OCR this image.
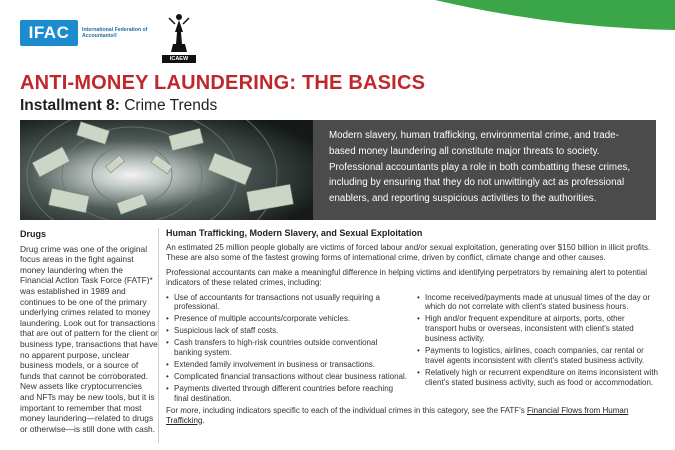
IFAC	International Federation of Accountants®
ICAEW
ANTI-MONEY LAUNDERING: THE BASICS
Installment 8: Crime Trends
Modern slavery, human trafficking, environmental crime, and trade-based money laundering all constitute major threats to society. Professional accountants play a role in both combatting these crimes, including by ensuring that they do not unwittingly act as professional enablers, and reporting suspicious activities to the authorities.
Drugs

Drug crime was one of the original focus areas in the fight against money laundering when the Financial Action Task Force (FATF)* was established in 1989 and continues to be one of the primary underlying crimes related to money laundering. Look out for transactions that are out of pattern for the client or business type, transactions that have no apparent purpose, unclear business models, or a source of funds that cannot be corroborated. New assets like cryptocurrencies and NFTs may be new tools, but it is important to remember that most money laundering—related to drugs or otherwise—is still done with cash.

Human Trafficking, Modern Slavery, and Sexual Exploitation

An estimated 25 million people globally are victims of forced labour and/or sexual exploitation, generating over $150 billion in illicit profits. These are also some of the fastest growing forms of international crime, driven by conflict, climate change and other causes.

Professional accountants can make a meaningful difference in helping victims and identifying perpetrators by remaining alert to potential indicators of these related crimes, including:

• Use of accountants for transactions not usually requiring a professional.
• Presence of multiple accounts/corporate vehicles.
• Suspicious lack of staff costs.
• Cash transfers to high-risk countries outside conventional banking system.
• Extended family involvement in business or transactions.
• Complicated financial transactions without clear business rational.
• Payments diverted through different countries before reaching final destination.
• Income received/payments made at unusual times of the day or which do not correlate with client's stated business hours.
• High and/or frequent expenditure at airports, ports, other transport hubs or overseas, inconsistent with client's stated business activity.
• Payments to logistics, airlines, coach companies, car rental or travel agents inconsistent with client's stated business activity.
• Relatively high or recurrent expenditure on items inconsistent with client's stated business activity, such as food or accommodation.

For more, including indicators specific to each of the individual crimes in this category, see the FATF's Financial Flows from Human Trafficking.
